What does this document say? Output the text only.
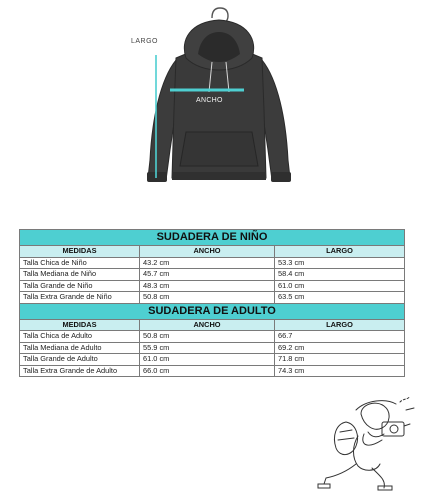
LARGO
ANCHO
SUDADERA DE NIÑO		
MEDIDAS	ANCHO	LARGO
Talla Chica de Niño	43.2 cm	53.3 cm
Talla Mediana de Niño	45.7 cm	58.4 cm
Talla Grande de Niño	48.3 cm	61.0 cm
Talla Extra Grande de Niño	50.8 cm	63.5 cm
SUDADERA DE ADULTO		
MEDIDAS	ANCHO	LARGO
Talla Chica de Adulto	50.8 cm	66.7
Talla Mediana de Adulto	55.9 cm	69.2 cm
Talla Grande de Adulto	61.0 cm	71.8 cm
Talla Extra Grande de Adulto	66.0 cm	74.3 cm
